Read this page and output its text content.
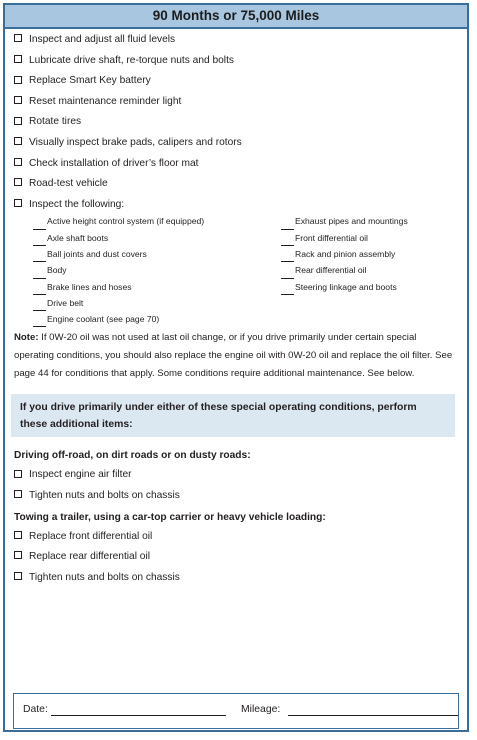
90 Months or 75,000 Miles
Inspect and adjust all fluid levels
Lubricate drive shaft, re-torque nuts and bolts
Replace Smart Key battery
Reset maintenance reminder light
Rotate tires
Visually inspect brake pads, calipers and rotors
Check installation of driver’s floor mat
Road-test vehicle
Inspect the following:
Active height control system (if equipped)
Axle shaft boots
Ball joints and dust covers
Body
Brake lines and hoses
Drive belt
Engine coolant (see page 70)
Exhaust pipes and mountings
Front differential oil
Rack and pinion assembly
Rear differential oil
Steering linkage and boots
Note: If 0W-20 oil was not used at last oil change, or if you drive primarily under certain special operating conditions, you should also replace the engine oil with 0W-20 oil and replace the oil filter. See page 44 for conditions that apply. Some conditions require additional maintenance. See below.
If you drive primarily under either of these special operating conditions, perform these additional items:
Driving off-road, on dirt roads or on dusty roads:
Inspect engine air filter
Tighten nuts and bolts on chassis
Towing a trailer, using a car-top carrier or heavy vehicle loading:
Replace front differential oil
Replace rear differential oil
Tighten nuts and bolts on chassis
Date:	Mileage:
